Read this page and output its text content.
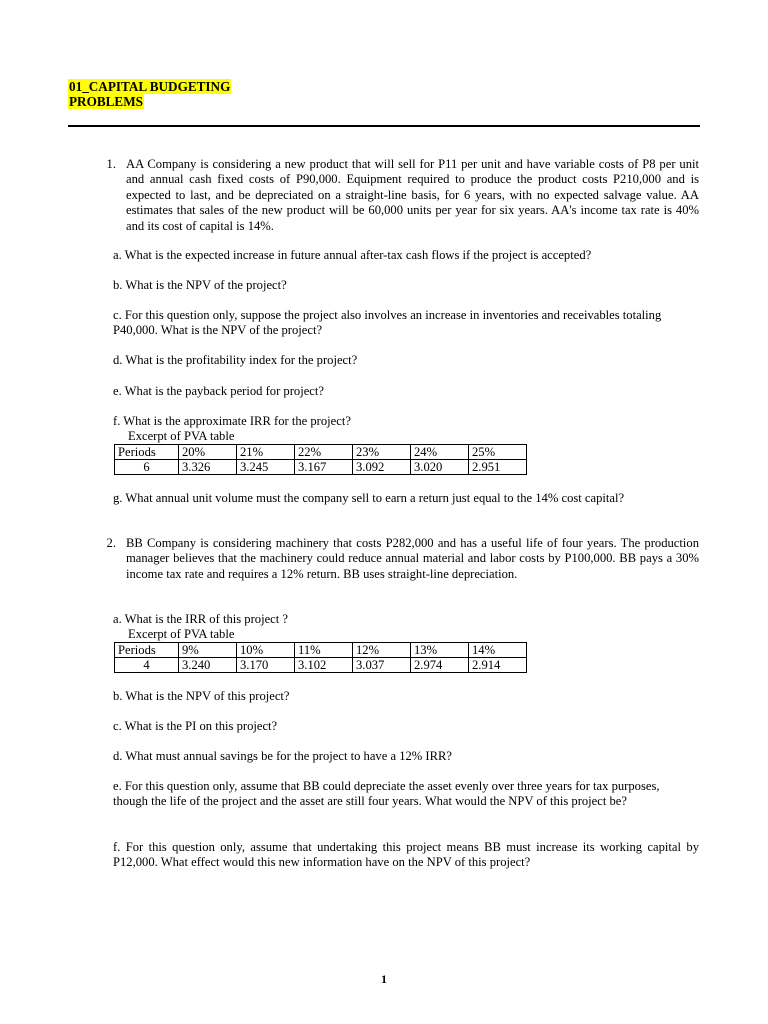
01_CAPITAL BUDGETING
PROBLEMS
1. AA Company is considering a new product that will sell for P11 per unit and have variable costs of P8 per unit and annual cash fixed costs of P90,000. Equipment required to produce the product costs P210,000 and is expected to last, and be depreciated on a straight-line basis, for 6 years, with no expected salvage value. AA estimates that sales of the new product will be 60,000 units per year for six years. AA's income tax rate is 40% and its cost of capital is 14%.
a. What is the expected increase in future annual after-tax cash flows if the project is accepted?
b. What is the NPV of the project?
c. For this question only, suppose the project also involves an increase in inventories and receivables totaling P40,000. What is the NPV of the project?
d. What is the profitability index for the project?
e. What is the payback period for project?
f. What is the approximate IRR for the project?
Excerpt of PVA table
Periods	20%	21%	22%	23%	24%	25%
6	3.326	3.245	3.167	3.092	3.020	2.951
g. What annual unit volume must the company sell to earn a return just equal to the 14% cost capital?
2. BB Company is considering machinery that costs P282,000 and has a useful life of four years. The production manager believes that the machinery could reduce annual material and labor costs by P100,000. BB pays a 30% income tax rate and requires a 12% return. BB uses straight-line depreciation.
a. What is the IRR of this project ?
Excerpt of PVA table
Periods	9%	10%	11%	12%	13%	14%
4	3.240	3.170	3.102	3.037	2.974	2.914
b. What is the NPV of this project?
c. What is the PI on this project?
d. What must annual savings be for the project to have a 12% IRR?
e. For this question only, assume that BB could depreciate the asset evenly over three years for tax purposes, though the life of the project and the asset are still four years. What would the NPV of this project be?
f. For this question only, assume that undertaking this project means BB must increase its working capital by P12,000. What effect would this new information have on the NPV of this project?
1
